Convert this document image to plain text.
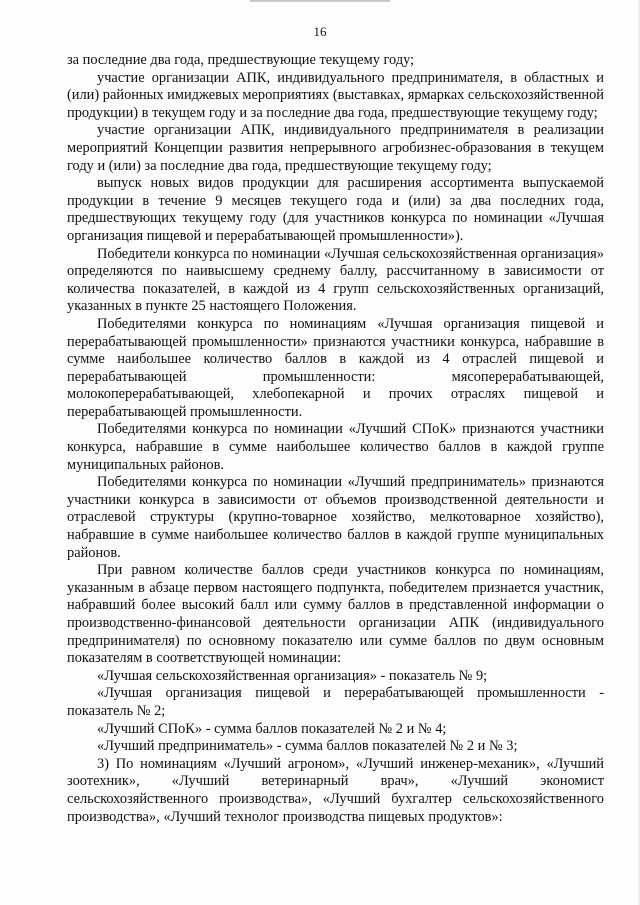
16

за последние два года, предшествующие текущему году;

участие организации АПК, индивидуального предпринимателя, в областных и (или) районных имиджевых мероприятиях (выставках, ярмарках сельскохозяйственной продукции) в текущем году и за последние два года, предшествующие текущему году;

участие организации АПК, индивидуального предпринимателя в реализации мероприятий Концепции развития непрерывного агробизнес-образования в текущем году и (или) за последние два года, предшествующие текущему году;

выпуск новых видов продукции для расширения ассортимента выпускаемой продукции в течение 9 месяцев текущего года и (или) за два последних года, предшествующих текущему году (для участников конкурса по номинации «Лучшая организация пищевой и перерабатывающей промышленности»).

Победители конкурса по номинации «Лучшая сельскохозяйственная организация» определяются по наивысшему среднему баллу, рассчитанному в зависимости от количества показателей, в каждой из 4 групп сельскохозяйственных организаций, указанных в пункте 25 настоящего Положения.

Победителями конкурса по номинациям «Лучшая организация пищевой и перерабатывающей промышленности» признаются участники конкурса, набравшие в сумме наибольшее количество баллов в каждой из 4 отраслей пищевой и перерабатывающей промышленности: мясоперерабатывающей, молокоперерабатывающей, хлебопекарной и прочих отраслях пищевой и перерабатывающей промышленности.

Победителями конкурса по номинации «Лучший СПоК» признаются участники конкурса, набравшие в сумме наибольшее количество баллов в каждой группе муниципальных районов.

Победителями конкурса по номинации «Лучший предприниматель» признаются участники конкурса в зависимости от объемов производственной деятельности и отраслевой структуры (крупно-товарное хозяйство, мелкотоварное хозяйство), набравшие в сумме наибольшее количество баллов в каждой группе муниципальных районов.

При равном количестве баллов среди участников конкурса по номинациям, указанным в абзаце первом настоящего подпункта, победителем признается участник, набравший более высокий балл или сумму баллов в представленной информации о производственно-финансовой деятельности организации АПК (индивидуального предпринимателя) по основному показателю или сумме баллов по двум основным показателям в соответствующей номинации:

«Лучшая сельскохозяйственная организация» - показатель № 9;

«Лучшая организация пищевой и перерабатывающей промышленности - показатель № 2;

«Лучший СПоК» - сумма баллов показателей № 2 и № 4;

«Лучший предприниматель» - сумма баллов показателей № 2 и № 3;

3) По номинациям «Лучший агроном», «Лучший инженер-механик», «Лучший зоотехник», «Лучший ветеринарный врач», «Лучший экономист сельскохозяйственного производства», «Лучший бухгалтер сельскохозяйственного производства», «Лучший технолог производства пищевых продуктов»:
